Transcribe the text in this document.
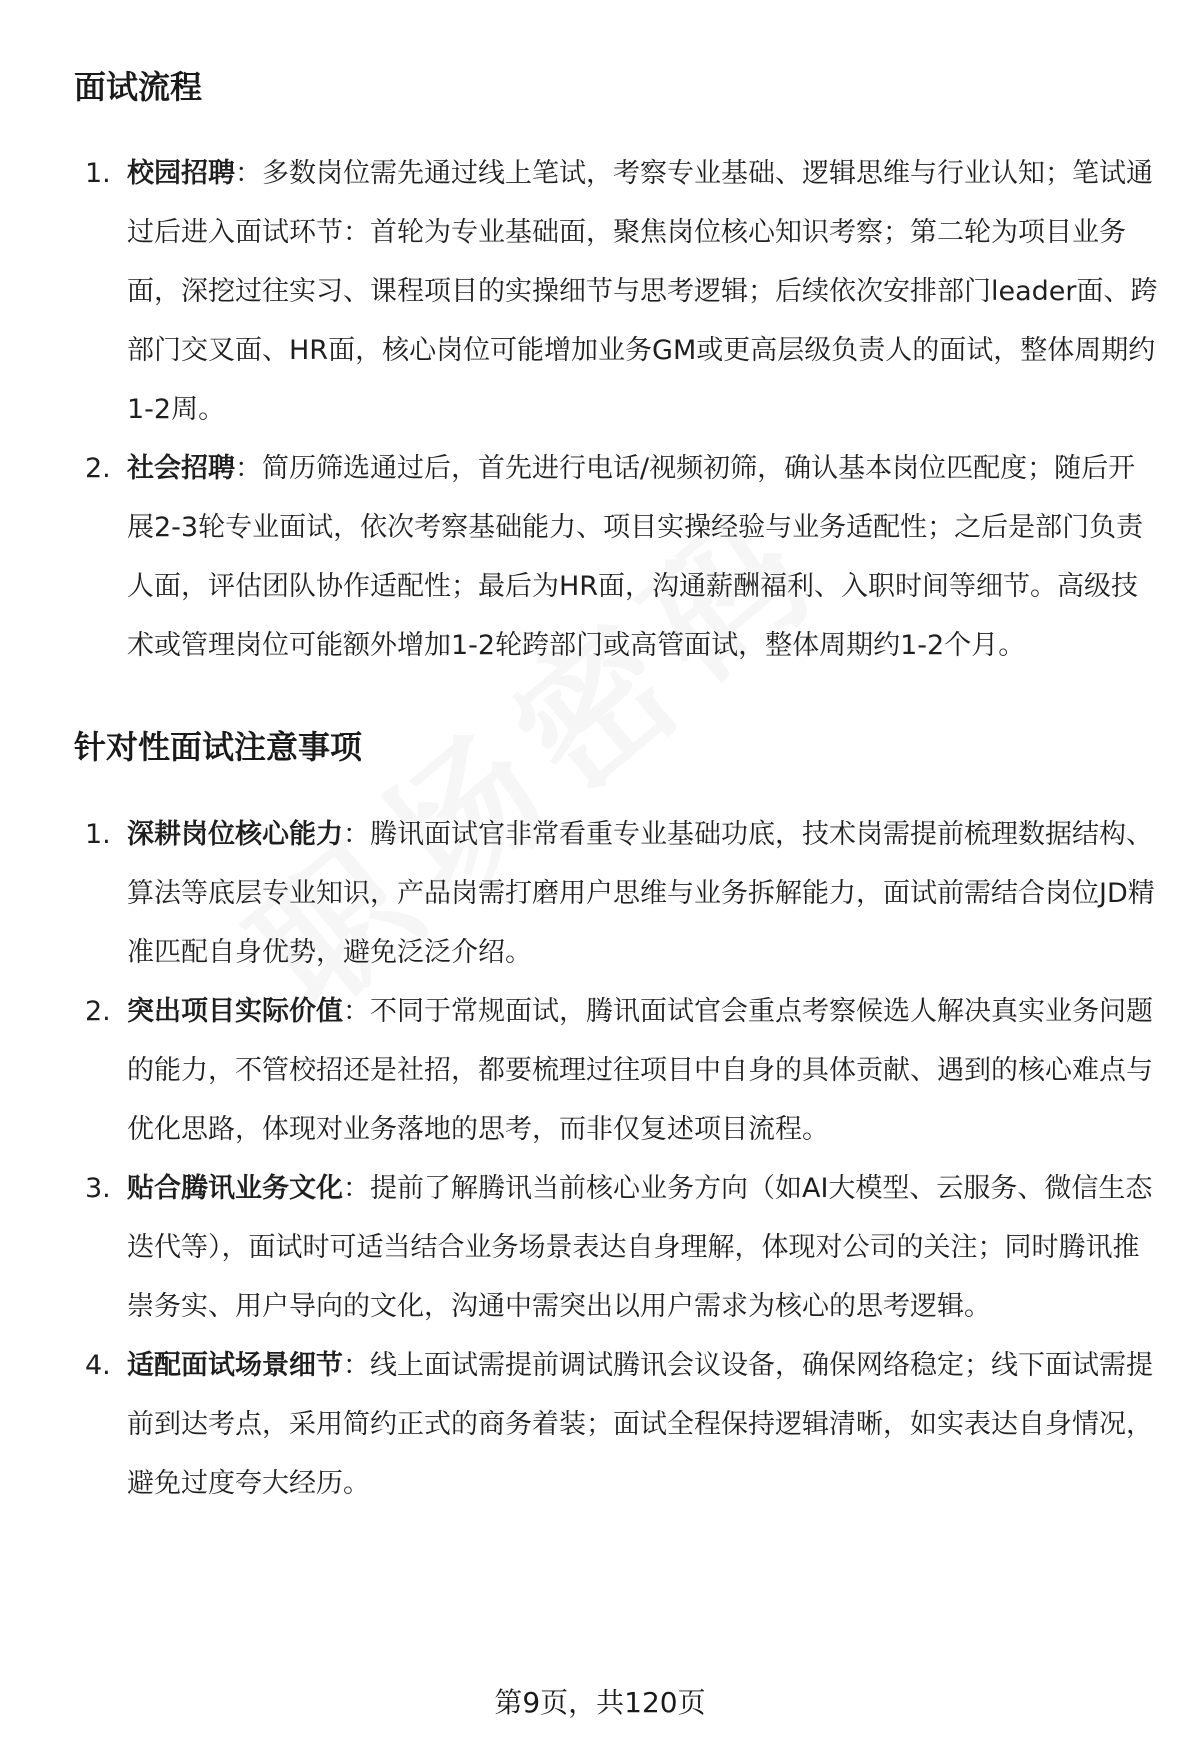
面试流程
1. 校园招聘：多数岗位需先通过线上笔试，考察专业基础、逻辑思维与行业认知；笔试通过后进入面试环节：首轮为专业基础面，聚焦岗位核心知识考察；第二轮为项目业务面，深挖过往实习、课程项目的实操细节与思考逻辑；后续依次安排部门leader面、跨部门交叉面、HR面，核心岗位可能增加业务GM或更高层级负责人的面试，整体周期约1-2周。
2. 社会招聘：简历筛选通过后，首先进行电话/视频初筛，确认基本岗位匹配度；随后开展2-3轮专业面试，依次考察基础能力、项目实操经验与业务适配性；之后是部门负责人面，评估团队协作适配性；最后为HR面，沟通薪酬福利、入职时间等细节。高级技术或管理岗位可能额外增加1-2轮跨部门或高管面试，整体周期约1-2个月。
针对性面试注意事项
1. 深耕岗位核心能力：腾讯面试官非常看重专业基础功底，技术岗需提前梳理数据结构、算法等底层专业知识，产品岗需打磨用户思维与业务拆解能力，面试前需结合岗位JD精准匹配自身优势，避免泛泛介绍。
2. 突出项目实际价值：不同于常规面试，腾讯面试官会重点考察候选人解决真实业务问题的能力，不管校招还是社招，都要梳理过往项目中自身的具体贡献、遇到的核心难点与优化思路，体现对业务落地的思考，而非仅复述项目流程。
3. 贴合腾讯业务文化：提前了解腾讯当前核心业务方向（如AI大模型、云服务、微信生态迭代等），面试时可适当结合业务场景表达自身理解，体现对公司的关注；同时腾讯推崇务实、用户导向的文化，沟通中需突出以用户需求为核心的思考逻辑。
4. 适配面试场景细节：线上面试需提前调试腾讯会议设备，确保网络稳定；线下面试需提前到达考点，采用简约正式的商务着装；面试全程保持逻辑清晰，如实表达自身情况，避免过度夸大经历。
第9页，共120页
